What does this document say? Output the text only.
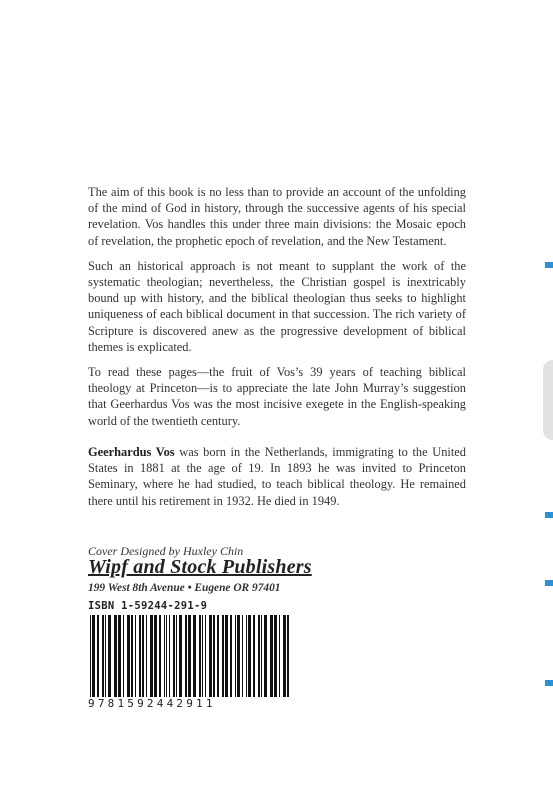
The aim of this book is no less than to provide an account of the unfolding of the mind of God in history, through the successive agents of his special revelation. Vos handles this under three main divisions: the Mosaic epoch of revelation, the prophetic epoch of revelation, and the New Testament.

Such an historical approach is not meant to supplant the work of the systematic theologian; nevertheless, the Christian gospel is inextricably bound up with history, and the biblical theologian thus seeks to highlight uniqueness of each biblical document in that succession. The rich variety of Scripture is discovered anew as the progressive development of biblical themes is explicated.

To read these pages—the fruit of Vos’s 39 years of teaching biblical theology at Princeton—is to appreciate the late John Murray’s suggestion that Geerhardus Vos was the most incisive exegete in the English-speaking world of the twentieth century.

Geerhardus Vos was born in the Netherlands, immigrating to the United States in 1881 at the age of 19. In 1893 he was invited to Princeton Seminary, where he had studied, to teach biblical theology. He remained there until his retirement in 1932. He died in 1949.
Cover Designed by Huxley Chin
Wipf and Stock Publishers
199 West 8th Avenue • Eugene OR 97401
ISBN 1-59244-291-9
9781592442911
